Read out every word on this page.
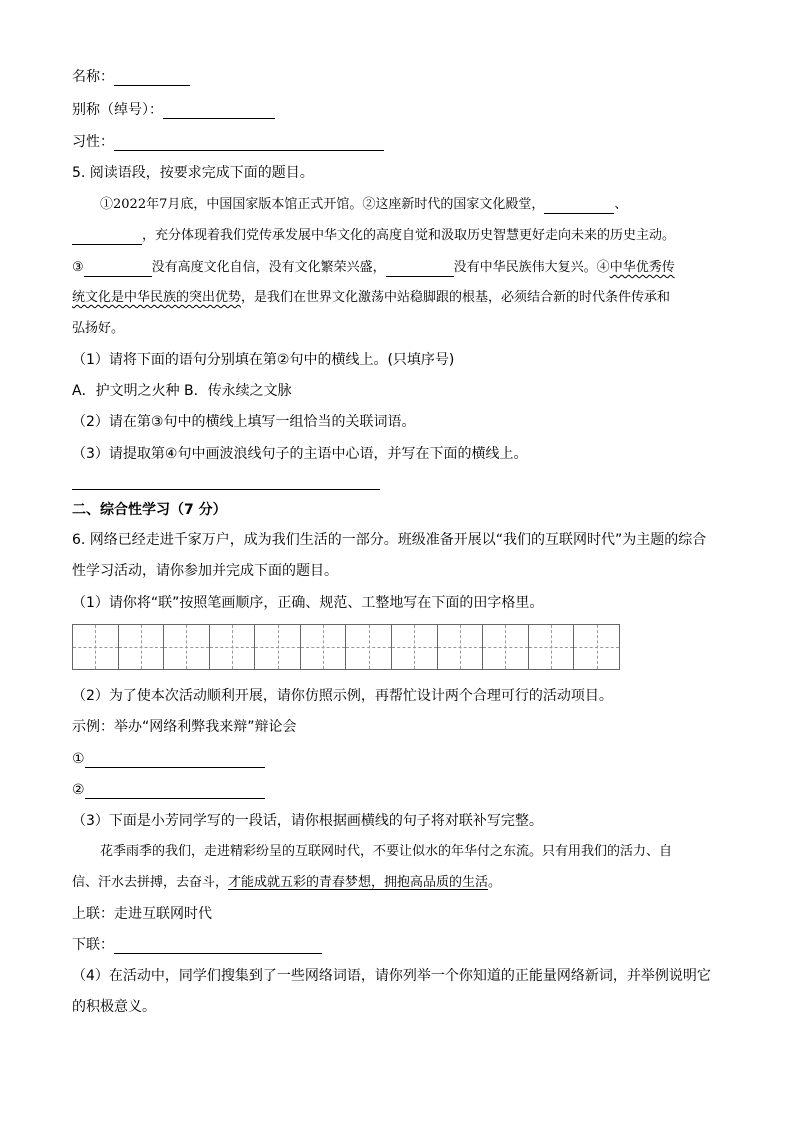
名称：
别称（绰号）：
习性：
5. 阅读语段，按要求完成下面的题目。
①2022年7月底，中国国家版本馆正式开馆。②这座新时代的国家文化殿堂，	、
，充分体现着我们党传承发展中华文化的高度自觉和汲取历史智慧更好走向未来的历史主动。
③	没有高度文化自信，没有文化繁荣兴盛，	没有中华民族伟大复兴。④中华优秀传
统文化是中华民族的突出优势，是我们在世界文化激荡中站稳脚跟的根基，必须结合新的时代条件传承和
弘扬好。
（1）请将下面的语句分别填在第②句中的横线上。(只填序号)
A．护文明之火种 B．传永续之文脉
（2）请在第③句中的横线上填写一组恰当的关联词语。
（3）请提取第④句中画波浪线句子的主语中心语，并写在下面的横线上。
二、综合性学习（7 分）
6. 网络已经走进千家万户，成为我们生活的一部分。班级准备开展以“我们的互联网时代”为主题的综合
性学习活动，请你参加并完成下面的题目。
（1）请你将“联”按照笔画顺序，正确、规范、工整地写在下面的田字格里。
（2）为了使本次活动顺利开展，请你仿照示例，再帮忙设计两个合理可行的活动项目。
示例：举办“网络利弊我来辩”辩论会
①
②
（3）下面是小芳同学写的一段话，请你根据画横线的句子将对联补写完整。
花季雨季的我们，走进精彩纷呈的互联网时代，不要让似水的年华付之东流。只有用我们的活力、自
信、汗水去拼搏，去奋斗，才能成就五彩的青春梦想，拥抱高品质的生活。
上联：走进互联网时代
下联：
（4）在活动中，同学们搜集到了一些网络词语，请你列举一个你知道的正能量网络新词，并举例说明它
的积极意义。
